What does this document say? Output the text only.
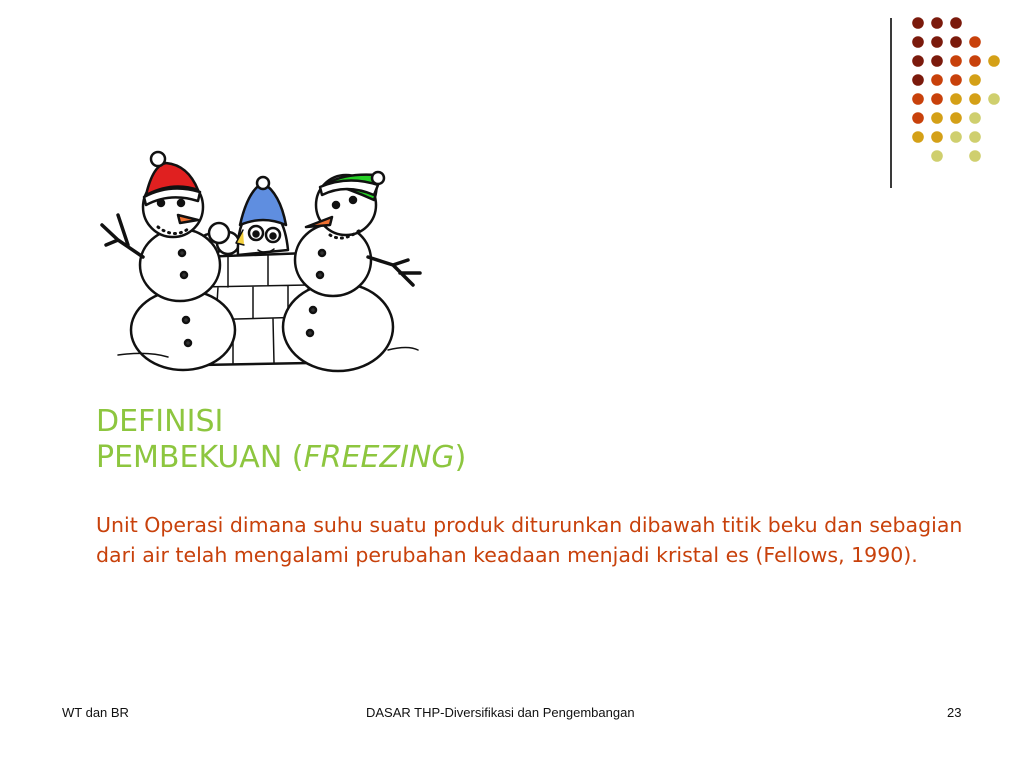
DEFINISI
PEMBEKUAN (FREEZING)
Unit Operasi dimana suhu suatu produk diturunkan dibawah titik beku dan sebagian dari air telah mengalami perubahan keadaan menjadi kristal es (Fellows, 1990).
WT dan BR	DASAR THP-Diversifikasi dan Pengembangan	23
